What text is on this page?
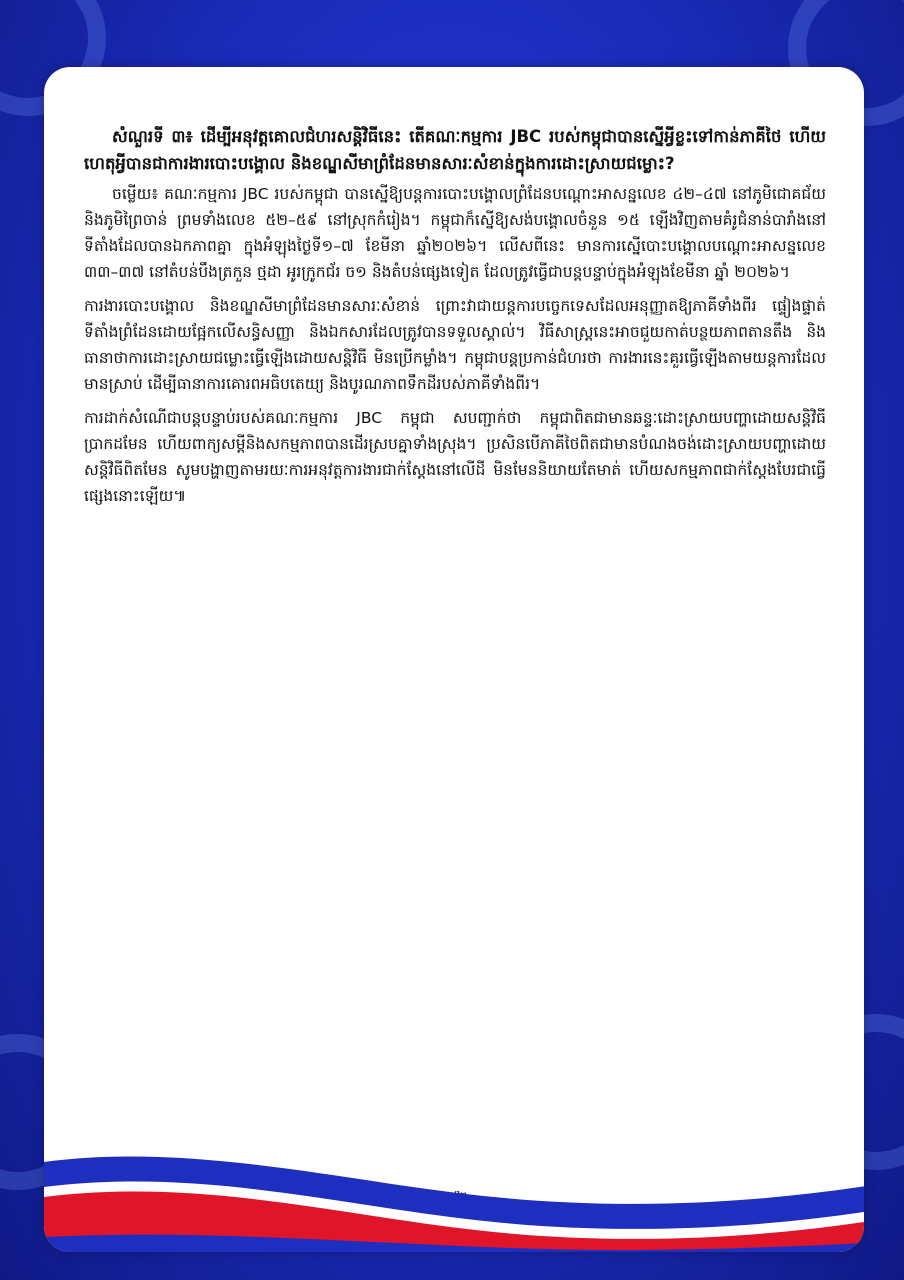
សំណួរទី ៣៖ ដើម្បីអនុវត្តគោលជំហរសន្តិវិធីនេះ តើគណៈកម្មការ JBC របស់កម្ពុជាបានស្នើអ្វីខ្លះទៅកាន់ភាគីថៃ ហើយហេតុអ្វីបានជាការងារបោះបង្គោល និងខណ្ឌសីមាព្រំដែនមានសារៈសំខាន់ក្នុងការដោះស្រាយជម្លោះ?

ចម្លើយ៖ គណៈកម្មការ JBC របស់កម្ពុជា បានស្នើឱ្យបន្តការបោះបង្គោលព្រំដែនបណ្ដោះអាសន្នលេខ ៤២–៤៧ នៅភូមិជោគជ័យ និងភូមិព្រៃចាន់ ព្រមទាំងលេខ ៥២–៥៩ នៅស្រុកកំរៀង។ កម្ពុជាក៏ស្នើឱ្យសង់បង្គោលចំនួន ១៥ ឡើងវិញតាមគំរូជំនាន់បារាំងនៅទីតាំងដែលបានឯកភាពគ្នា ក្នុងអំឡុងថ្ងៃទី១–៧ ខែមីនា ឆ្នាំ២០២៦។ លើសពីនេះ មានការស្នើបោះបង្គោលបណ្ដោះអាសន្នលេខ ៣៣–៣៧ នៅតំបន់បឹងត្រកួន ថ្មដា អូរក្រូកជ័រ ច១ និងតំបន់ផ្សេងទៀត ដែលត្រូវធ្វើជាបន្តបន្ទាប់ក្នុងអំឡុងខែមីនា ឆ្នាំ ២០២៦។

ការងារបោះបង្គោល និងខណ្ឌសីមាព្រំដែនមានសារៈសំខាន់ ព្រោះវាជាយន្តការបច្ចេកទេសដែលអនុញ្ញាតឱ្យភាគីទាំងពីរ ផ្ទៀងផ្ទាត់ទីតាំងព្រំដែនដោយផ្អែកលើសន្ធិសញ្ញា និងឯកសារដែលត្រូវបានទទួលស្គាល់។ វិធីសាស្ត្រនេះអាចជួយកាត់បន្ថយភាពតានតឹង និងធានាថាការដោះស្រាយជម្លោះធ្វើឡើងដោយសន្តិវិធី មិនប្រើកម្លាំង។ កម្ពុជាបន្តប្រកាន់ជំហរថា ការងារនេះគួរធ្វើឡើងតាមយន្តការដែលមានស្រាប់ ដើម្បីធានាការគោរពអធិបតេយ្យ និងបូរណភាពទឹកដីរបស់ភាគីទាំងពីរ។

ការដាក់សំណើជាបន្តបន្ទាប់របស់គណៈកម្មការ JBC កម្ពុជា សបញ្ជាក់ថា កម្ពុជាពិតជាមានឆន្ទៈដោះស្រាយបញ្ហាដោយសន្តិវិធីប្រាកដមែន ហើយពាក្យសម្ដីនិងសកម្មភាពបានដើរស្របគ្នាទាំងស្រុង។ ប្រសិនបើភាគីថៃពិតជាមានបំណងចង់ដោះស្រាយបញ្ហាដោយសន្តិវិធីពិតមែន សូមបង្ហាញតាមរយៈការអនុវត្តការងារជាក់ស្ដែងនៅលើដី មិនមែននិយាយតែមាត់ ហើយសកម្មភាពជាក់ស្ដែងបែរជាធ្វើផ្សេងនោះឡើយ៕
